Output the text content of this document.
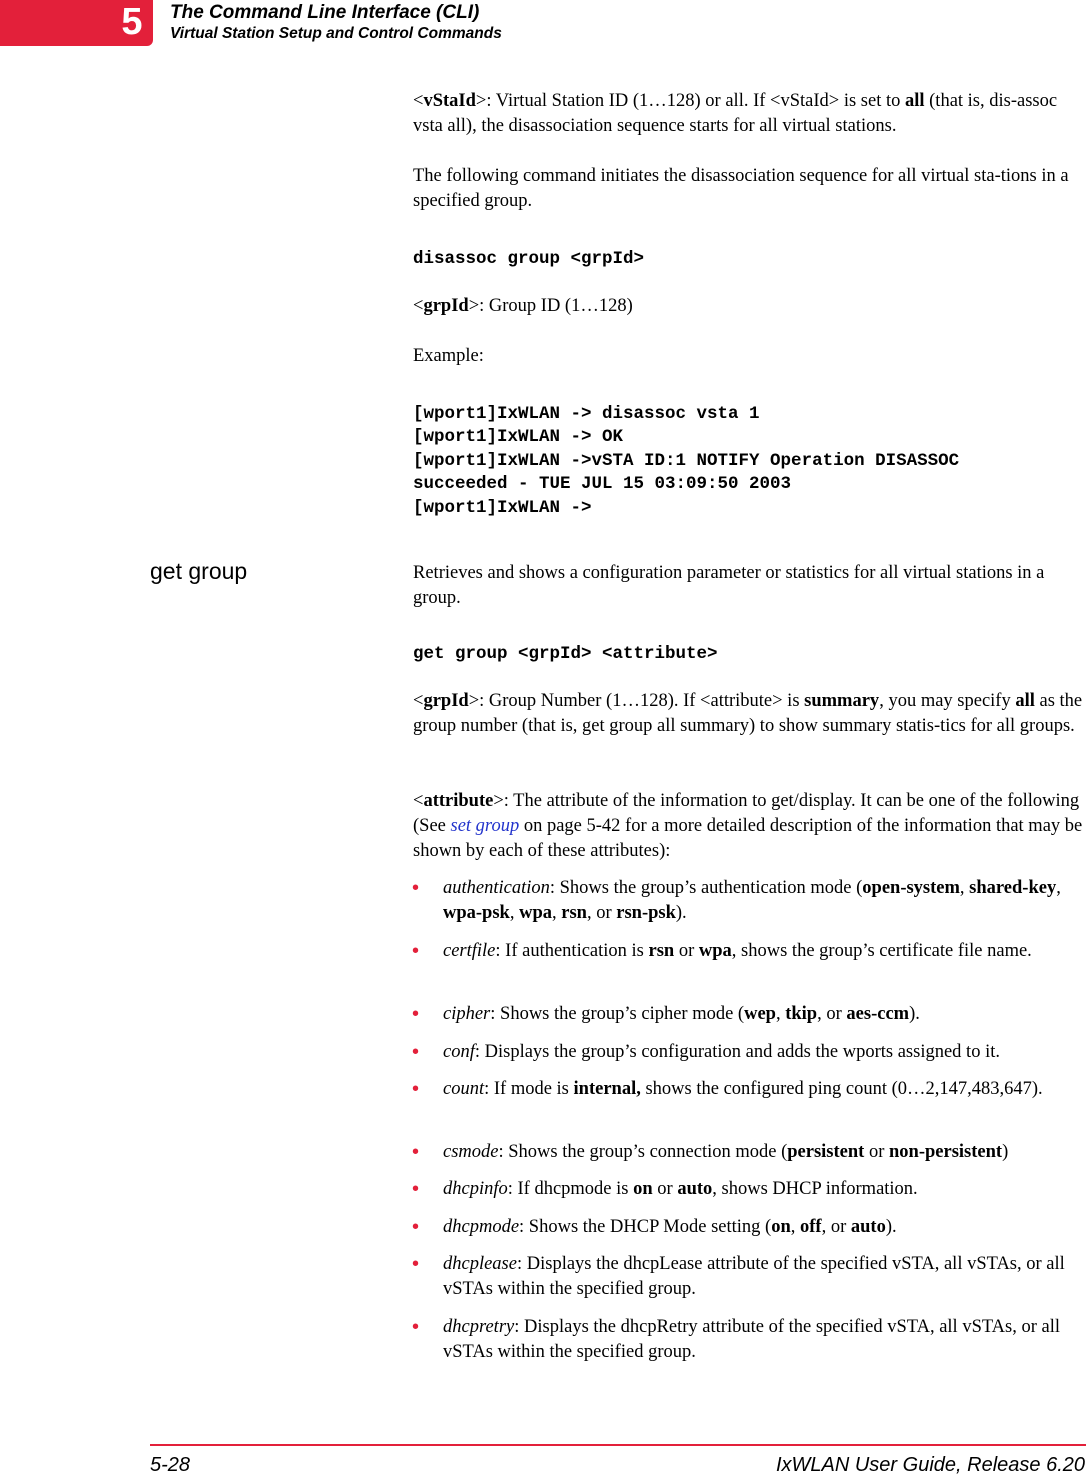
5	The Command Line Interface (CLI)
Virtual Station Setup and Control Commands
<vStaId>: Virtual Station ID (1…128) or all. If <vStaId> is set to all (that is, dis-assoc vsta all), the disassociation sequence starts for all virtual stations.
The following command initiates the disassociation sequence for all virtual sta-tions in a specified group.
disassoc group <grpId>
<grpId>: Group ID (1…128)
Example:
[wport1]IxWLAN -> disassoc vsta 1
[wport1]IxWLAN -> OK
[wport1]IxWLAN ->vSTA ID:1 NOTIFY Operation DISASSOC
succeeded - TUE JUL 15 03:09:50 2003
[wport1]IxWLAN ->
get group	Retrieves and shows a configuration parameter or statistics for all virtual stations in a group.
get group <grpId> <attribute>
<grpId>: Group Number (1…128). If <attribute> is summary, you may specify all as the group number (that is, get group all summary) to show summary statis-tics for all groups.
<attribute>: The attribute of the information to get/display. It can be one of the following (See set group on page 5-42 for a more detailed description of the information that may be shown by each of these attributes):
• authentication: Shows the group’s authentication mode (open-system, shared-key, wpa-psk, wpa, rsn, or rsn-psk).
• certfile: If authentication is rsn or wpa, shows the group’s certificate file name.
• cipher: Shows the group’s cipher mode (wep, tkip, or aes-ccm).
• conf: Displays the group’s configuration and adds the wports assigned to it.
• count: If mode is internal, shows the configured ping count (0…2,147,483,647).
• csmode: Shows the group’s connection mode (persistent or non-persistent)
• dhcpinfo: If dhcpmode is on or auto, shows DHCP information.
• dhcpmode: Shows the DHCP Mode setting (on, off, or auto).
• dhcplease: Displays the dhcpLease attribute of the specified vSTA, all vSTAs, or all vSTAs within the specified group.
• dhcpretry: Displays the dhcpRetry attribute of the specified vSTA, all vSTAs, or all vSTAs within the specified group.
5-28	IxWLAN User Guide, Release 6.20
